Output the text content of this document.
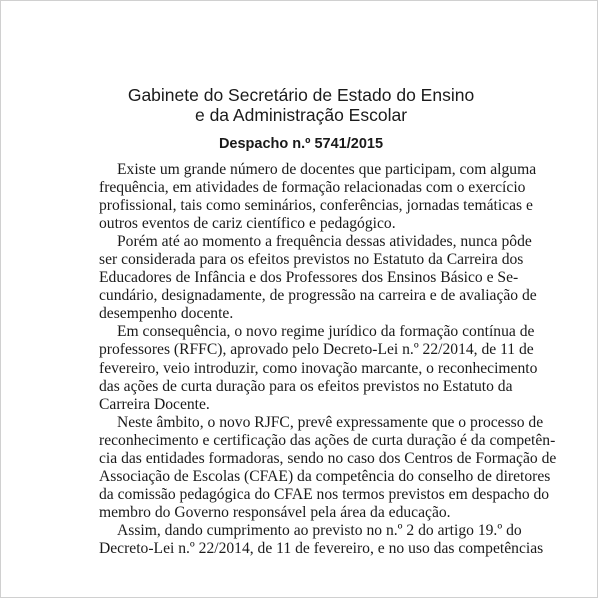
Gabinete do Secretário de Estado do Ensino
e da Administração Escolar
Despacho n.º 5741/2015
Existe um grande número de docentes que participam, com alguma
frequência, em atividades de formação relacionadas com o exercício
profissional, tais como seminários, conferências, jornadas temáticas e
outros eventos de cariz científico e pedagógico.
Porém até ao momento a frequência dessas atividades, nunca pôde
ser considerada para os efeitos previstos no Estatuto da Carreira dos
Educadores de Infância e dos Professores dos Ensinos Básico e Se-
cundário, designadamente, de progressão na carreira e de avaliação de
desempenho docente.
Em consequência, o novo regime jurídico da formação contínua de
professores (RFFC), aprovado pelo Decreto-Lei n.º 22/2014, de 11 de
fevereiro, veio introduzir, como inovação marcante, o reconhecimento
das ações de curta duração para os efeitos previstos no Estatuto da
Carreira Docente.
Neste âmbito, o novo RJFC, prevê expressamente que o processo de
reconhecimento e certificação das ações de curta duração é da competên-
cia das entidades formadoras, sendo no caso dos Centros de Formação de
Associação de Escolas (CFAE) da competência do conselho de diretores
da comissão pedagógica do CFAE nos termos previstos em despacho do
membro do Governo responsável pela área da educação.
Assim, dando cumprimento ao previsto no n.º 2 do artigo 19.º do
Decreto-Lei n.º 22/2014, de 11 de fevereiro, e no uso das competências
